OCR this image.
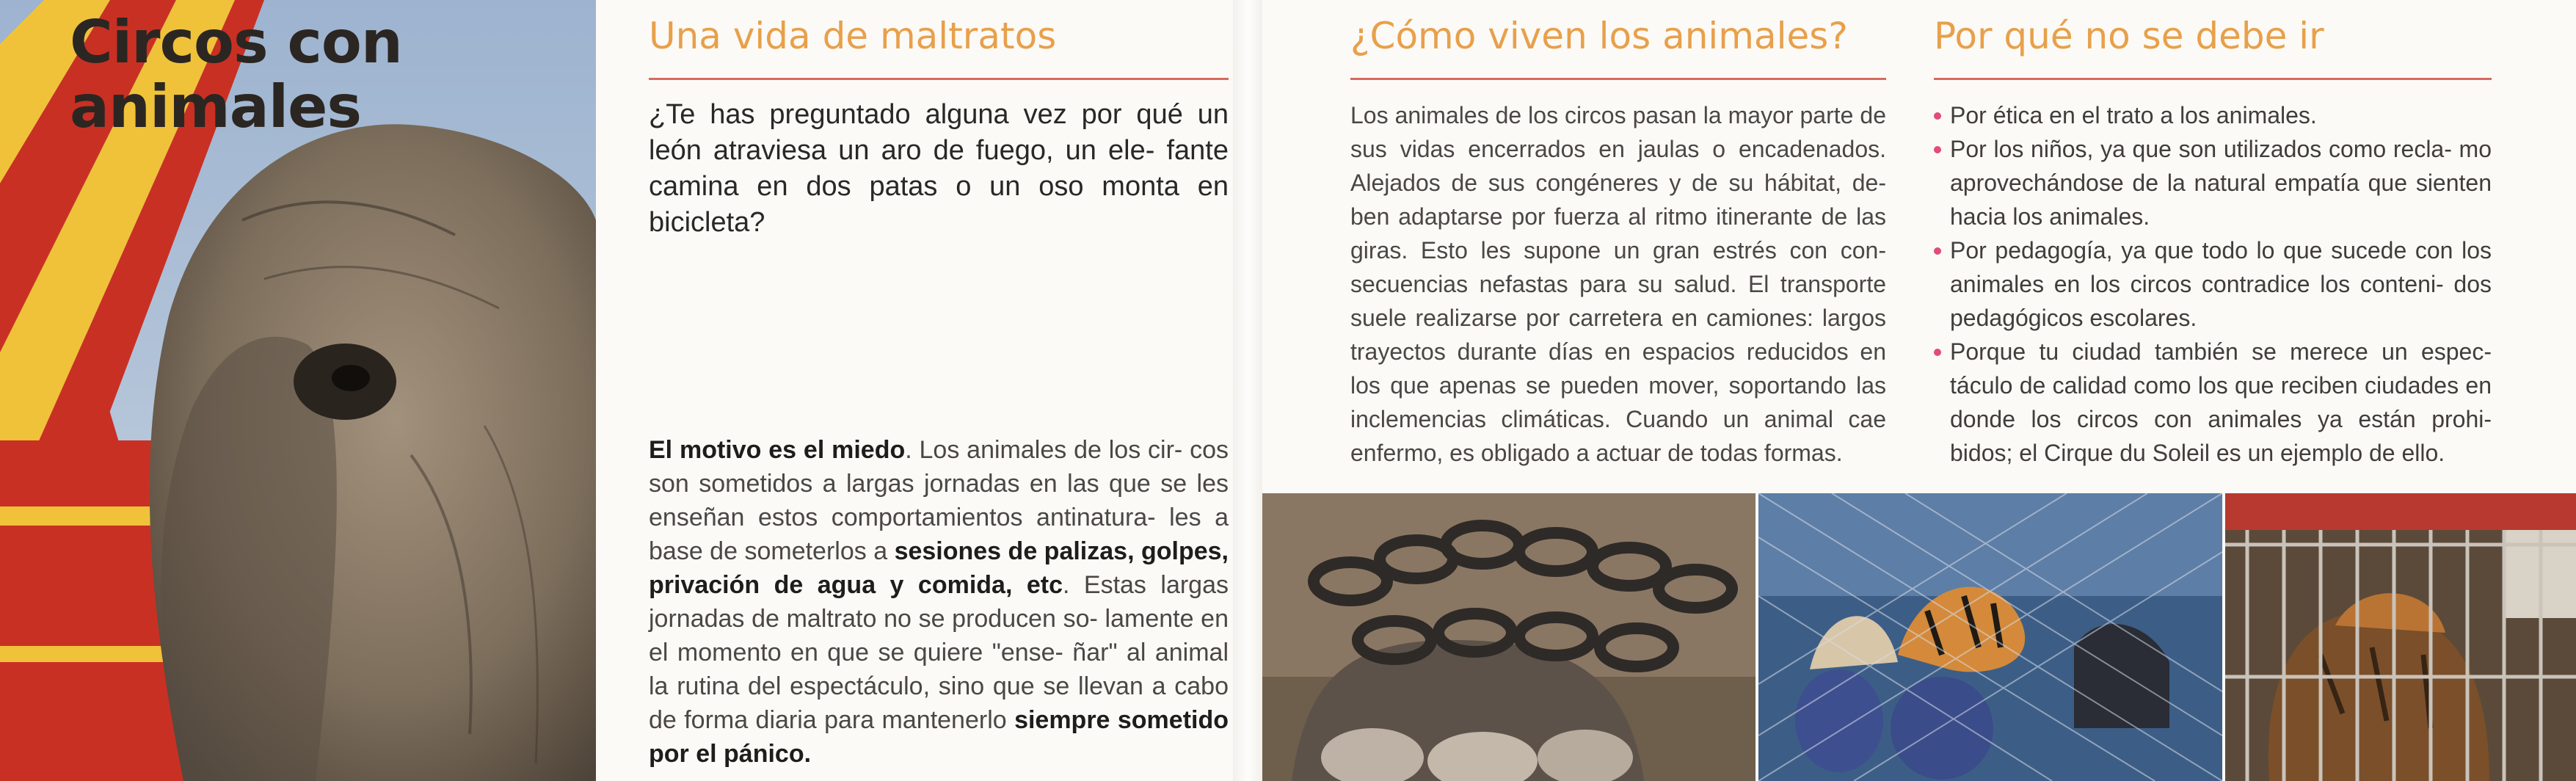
Circos con
animales
Una vida de maltratos

¿Te has preguntado alguna vez por qué un león atraviesa un aro de fuego, un ele- fante camina en dos patas o un oso monta en bicicleta?

El motivo es el miedo. Los animales de los cir- cos son sometidos a largas jornadas en las que se les enseñan estos comportamientos antinatura- les a base de someterlos a sesiones de palizas, golpes, privación de agua y comida, etc. Estas largas jornadas de maltrato no se producen so- lamente en el momento en que se quiere "ense- ñar" al animal la rutina del espectáculo, sino que se llevan a cabo de forma diaria para mantenerlo siempre sometido por el pánico.

¿Cómo viven los animales?

Los animales de los circos pasan la mayor parte de sus vidas encerrados en jaulas o encadenados. Alejados de sus congéneres y de su hábitat, de- ben adaptarse por fuerza al ritmo itinerante de las giras. Esto les supone un gran estrés con con- secuencias nefastas para su salud. El transporte suele realizarse por carretera en camiones: largos trayectos durante días en espacios reducidos en los que apenas se pueden mover, soportando las inclemencias climáticas. Cuando un animal cae enfermo, es obligado a actuar de todas formas.

Por qué no se debe ir
Por ética en el trato a los animales.
Por los niños, ya que son utilizados como recla- mo aprovechándose de la natural empatía que sienten hacia los animales.
Por pedagogía, ya que todo lo que sucede con los animales en los circos contradice los conteni- dos pedagógicos escolares.
Porque tu ciudad también se merece un espec- táculo de calidad como los que reciben ciudades en donde los circos con animales ya están prohi- bidos; el Cirque du Soleil es un ejemplo de ello.
